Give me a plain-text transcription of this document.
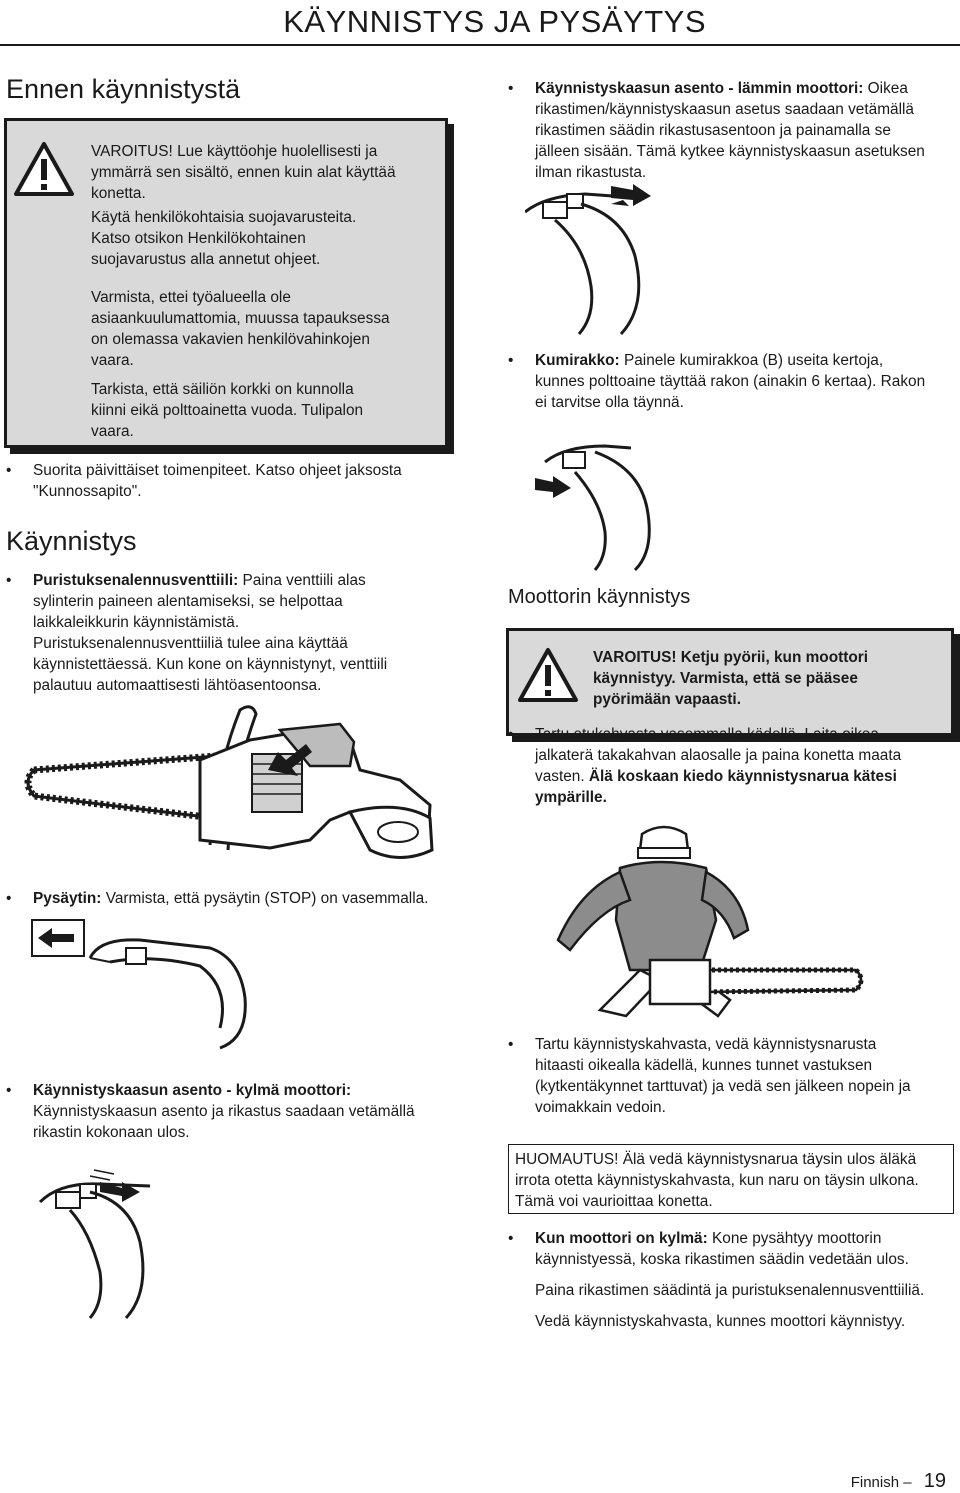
KÄYNNISTYS JA PYSÄYTYS
Ennen käynnistystä
VAROITUS! Lue käyttöohje huolellisesti ja
ymmärrä sen sisältö, ennen kuin alat käyttää
konetta.
Käytä henkilökohtaisia suojavarusteita.
Katso otsikon Henkilökohtainen
suojavarustus alla annetut ohjeet.
Varmista, ettei työalueella ole
asiaankuulumattomia, muussa tapauksessa
on olemassa vakavien henkilövahinkojen
vaara.
Tarkista, että säiliön korkki on kunnolla
kiinni eikä polttoainetta vuoda. Tulipalon
vaara.
• Suorita päivittäiset toimenpiteet. Katso ohjeet jaksosta
"Kunnossapito".
Käynnistys
• Puristuksenalennusventtiili: Paina venttiili alas
sylinterin paineen alentamiseksi, se helpottaa
laikkaleikkurin käynnistämistä.
Puristuksenalennusventtiiliä tulee aina käyttää
käynnistettäessä. Kun kone on käynnistynyt, venttiili
palautuu automaattisesti lähtöasentoonsa.
• Pysäytin: Varmista, että pysäytin (STOP) on vasemmalla.
• Käynnistyskaasun asento - kylmä moottori:
Käynnistyskaasun asento ja rikastus saadaan vetämällä
rikastin kokonaan ulos.
• Käynnistyskaasun asento - lämmin moottori: Oikea
rikastimen/käynnistyskaasun asetus saadaan vetämällä
rikastimen säädin rikastusasentoon ja painamalla se
jälleen sisään. Tämä kytkee käynnistyskaasun asetuksen
ilman rikastusta.
• Kumirakko: Painele kumirakkoa (B) useita kertoja,
kunnes polttoaine täyttää rakon (ainakin 6 kertaa). Rakon
ei tarvitse olla täynnä.
Moottorin käynnistys
VAROITUS! Ketju pyörii, kun moottori
käynnistyy. Varmista, että se pääsee
pyörimään vapaasti.
• Tartu etukahvasta vasemmalla kädellä. Laita oikea
jalkaterä takakahvan alaosalle ja paina konetta maata
vasten. Älä koskaan kiedo käynnistysnarua kätesi
ympärille.
• Tartu käynnistyskahvasta, vedä käynnistysnarusta
hitaasti oikealla kädellä, kunnes tunnet vastuksen
(kytkentäkynnet tarttuvat) ja vedä sen jälkeen nopein ja
voimakkain vedoin.
HUOMAUTUS! Älä vedä käynnistysnarua täysin ulos äläkä
irrota otetta käynnistyskahvasta, kun naru on täysin ulkona.
Tämä voi vaurioittaa konetta.
• Kun moottori on kylmä: Kone pysähtyy moottorin
käynnistyessä, koska rikastimen säädin vedetään ulos.
Paina rikastimen säädintä ja puristuksenalennusventtiiliä.
Vedä käynnistyskahvasta, kunnes moottori käynnistyy.
Finnish – 19
